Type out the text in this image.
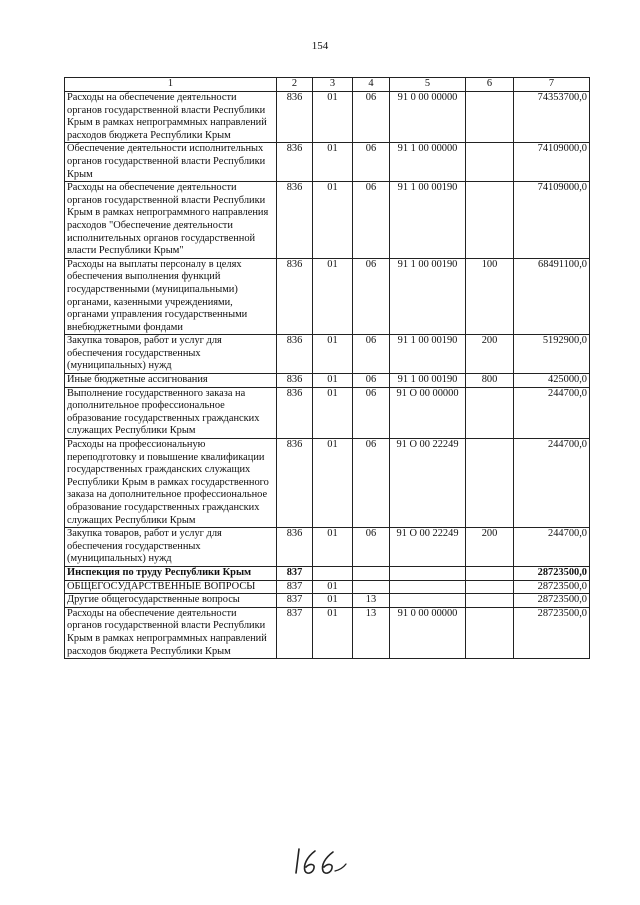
154
1	2	3	4	5	6	7
Расходы на обеспечение деятельности органов государственной власти Республики Крым в рамках непрограммных направлений расходов бюджета Республики Крым	836	01	06	91 0 00 00000		74353700,0
Обеспечение деятельности исполнительных органов государственной власти Республики Крым	836	01	06	91 1 00 00000		74109000,0
Расходы на обеспечение деятельности органов государственной власти Республики Крым в рамках непрограммного направления расходов "Обеспечение деятельности исполнительных органов государственной власти Республики Крым"	836	01	06	91 1 00 00190		74109000,0
Расходы на выплаты персоналу в целях обеспечения выполнения функций государственными (муниципальными) органами, казенными учреждениями, органами управления государственными внебюджетными фондами	836	01	06	91 1 00 00190	100	68491100,0
Закупка товаров, работ и услуг для обеспечения государственных (муниципальных) нужд	836	01	06	91 1 00 00190	200	5192900,0
Иные бюджетные ассигнования	836	01	06	91 1 00 00190	800	425000,0
Выполнение государственного заказа на дополнительное профессиональное образование государственных гражданских служащих Республики Крым	836	01	06	91 О 00 00000		244700,0
Расходы на профессиональную переподготовку и повышение квалификации государственных гражданских служащих Республики Крым в рамках государственного заказа на дополнительное профессиональное образование государственных гражданских служащих Республики Крым	836	01	06	91 О 00 22249		244700,0
Закупка товаров, работ и услуг для обеспечения государственных (муниципальных) нужд	836	01	06	91 О 00 22249	200	244700,0
Инспекция по труду Республики Крым	837					28723500,0
ОБЩЕГОСУДАРСТВЕННЫЕ ВОПРОСЫ	837	01				28723500,0
Другие общегосударственные вопросы	837	01	13			28723500,0
Расходы на обеспечение деятельности органов государственной власти Республики Крым в рамках непрограммных направлений расходов бюджета Республики Крым	837	01	13	91 0 00 00000		28723500,0
